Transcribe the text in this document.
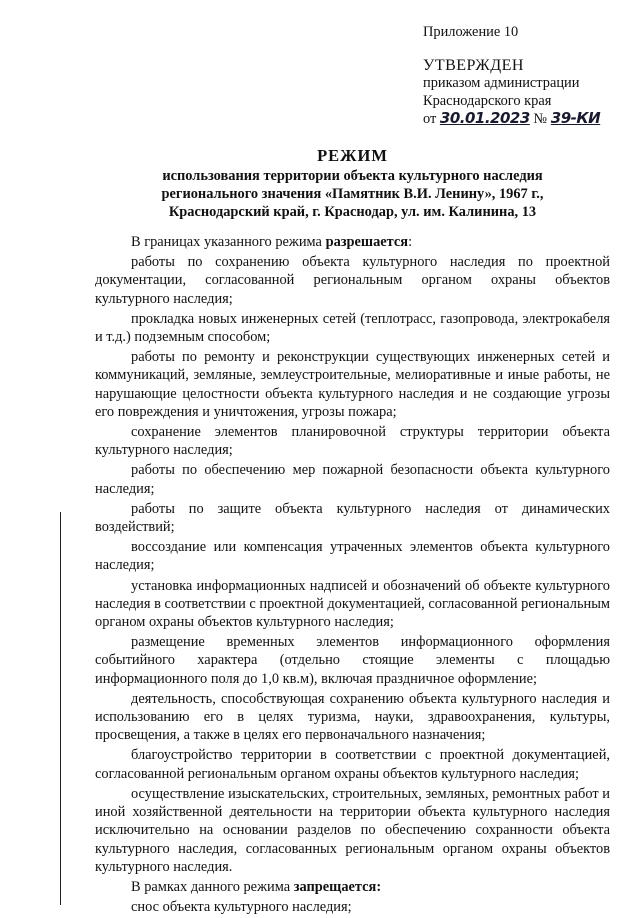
Приложение 10
УТВЕРЖДЕН
приказом администрации
Краснодарского края
от 30.01.2023 № 39-КИ
РЕЖИМ
использования территории объекта культурного наследия
регионального значения «Памятник В.И. Ленину», 1967 г.,
Краснодарский край, г. Краснодар, ул. им. Калинина, 13

В границах указанного режима разрешается:

работы по сохранению объекта культурного наследия по проектной документации, согласованной региональным органом охраны объектов культурного наследия;

прокладка новых инженерных сетей (теплотрасс, газопровода, электрокабеля и т.д.) подземным способом;

работы по ремонту и реконструкции существующих инженерных сетей и коммуникаций, земляные, землеустроительные, мелиоративные и иные работы, не нарушающие целостности объекта культурного наследия и не создающие угрозы его повреждения и уничтожения, угрозы пожара;

сохранение элементов планировочной структуры территории объекта культурного наследия;

работы по обеспечению мер пожарной безопасности объекта культурного наследия;

работы по защите объекта культурного наследия от динамических воздействий;

воссоздание или компенсация утраченных элементов объекта культурного наследия;

установка информационных надписей и обозначений об объекте культурного наследия в соответствии с проектной документацией, согласованной региональным органом охраны объектов культурного наследия;

размещение временных элементов информационного оформления событийного характера (отдельно стоящие элементы с площадью информационного поля до 1,0 кв.м), включая праздничное оформление;

деятельность, способствующая сохранению объекта культурного наследия и использованию его в целях туризма, науки, здравоохранения, культуры, просвещения, а также в целях его первоначального назначения;

благоустройство территории в соответствии с проектной документацией, согласованной региональным органом охраны объектов культурного наследия;

осуществление изыскательских, строительных, земляных, ремонтных работ и иной хозяйственной деятельности на территории объекта культурного наследия исключительно на основании разделов по обеспечению сохранности объекта культурного наследия, согласованных региональным органом охраны объектов культурного наследия.

В рамках данного режима запрещается:

снос объекта культурного наследия;
